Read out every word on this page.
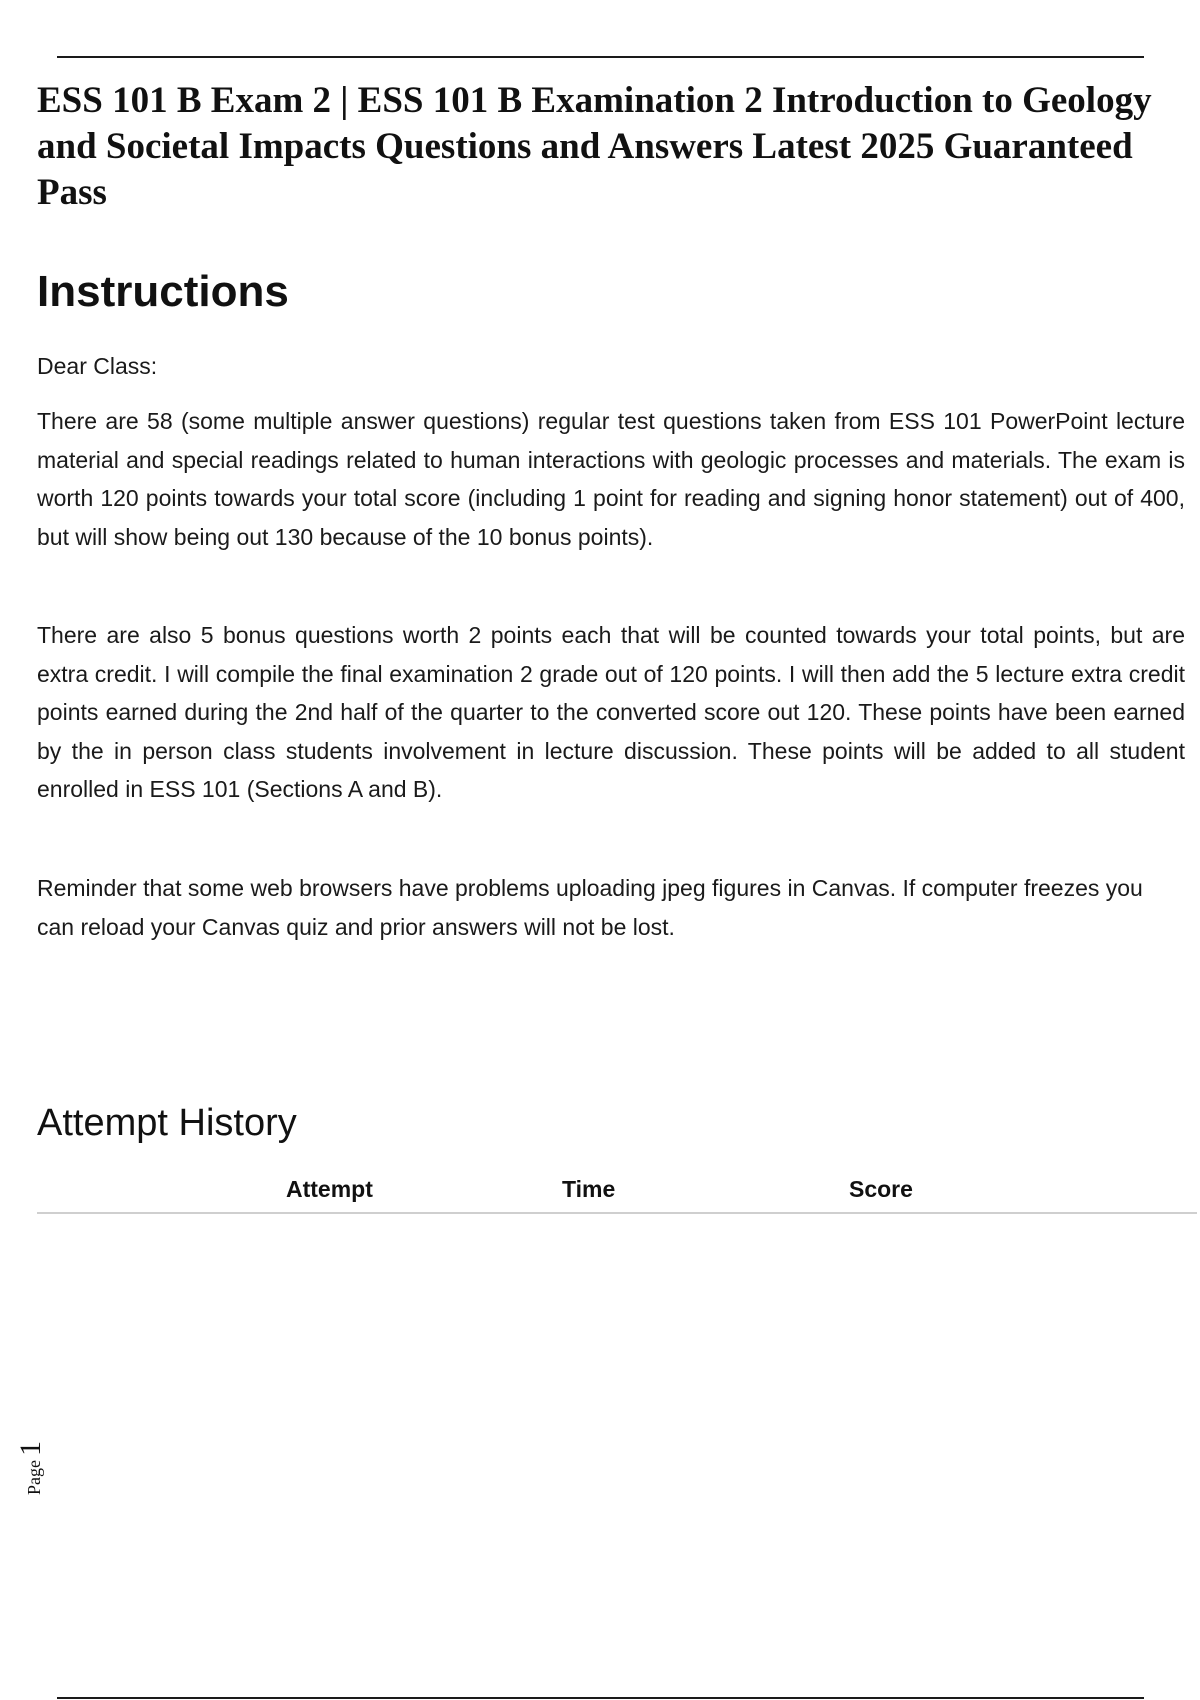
ESS 101 B Exam 2 | ESS 101 B Examination 2 Introduction to Geology and Societal Impacts Questions and Answers Latest 2025 Guaranteed Pass
Instructions

Dear Class:

There are 58 (some multiple answer questions) regular test questions taken from ESS 101 PowerPoint lecture material and special readings related to human interactions with geologic processes and materials. The exam is worth 120 points towards your total score (including 1 point for reading and signing honor statement) out of 400, but will show being out 130 because of the 10 bonus points).

There are also 5 bonus questions worth 2 points each that will be counted towards your total points, but are extra credit. I will compile the final examination 2 grade out of 120 points. I will then add the 5 lecture extra credit points earned during the 2nd half of the quarter to the converted score out 120. These points have been earned by the in person class students involvement in lecture discussion. These points will be added to all student enrolled in ESS 101 (Sections A and B).

Reminder that some web browsers have problems uploading jpeg figures in Canvas. If computer freezes you can reload your Canvas quiz and prior answers will not be lost.

Attempt History
Attempt	Time	Score
Page1
